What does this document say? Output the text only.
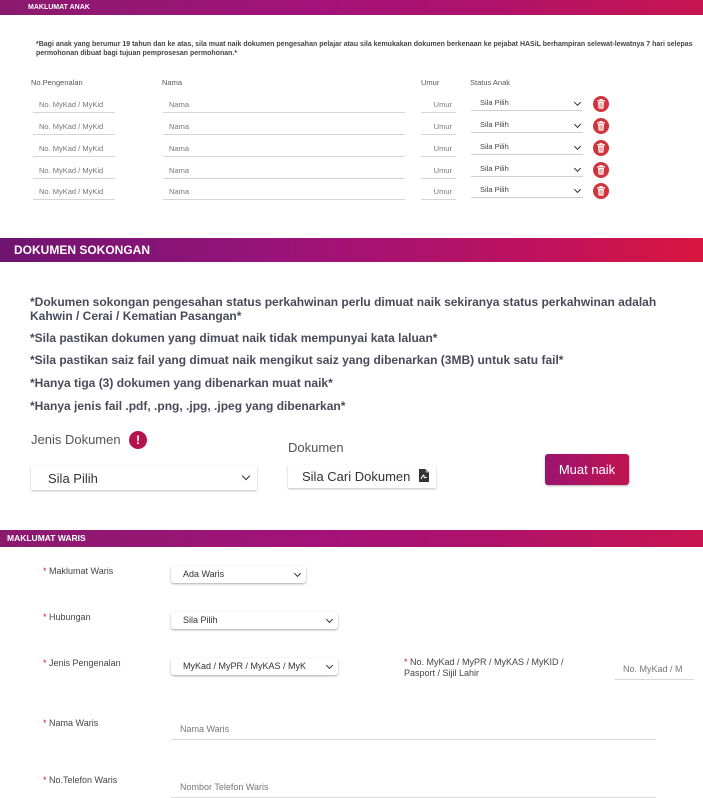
MAKLUMAT ANAK
*Bagi anak yang berumur 19 tahun dan ke atas, sila muat naik dokumen pengesahan pelajar atau sila kemukakan dokumen berkenaan ke pejabat HASiL berhampiran selewat-lewatnya 7 hari selepas permohonan dibuat bagi tujuan pemprosesan permohonan.*
No.Pengenalan	Nama	Umur	Status Anak
No. MyKad / MyKid	Nama	Umur	Sila Pilih
No. MyKad / MyKid	Nama	Umur	Sila Pilih
No. MyKad / MyKid	Nama	Umur	Sila Pilih
No. MyKad / MyKid	Nama	Umur	Sila Pilih
No. MyKad / MyKid	Nama	Umur	Sila Pilih
DOKUMEN SOKONGAN
*Dokumen sokongan pengesahan status perkahwinan perlu dimuat naik sekiranya status perkahwinan adalah Kahwin / Cerai / Kematian Pasangan*
*Sila pastikan dokumen yang dimuat naik tidak mempunyai kata laluan*
*Sila pastikan saiz fail yang dimuat naik mengikut saiz yang dibenarkan (3MB) untuk satu fail*
*Hanya tiga (3) dokumen yang dibenarkan muat naik*
*Hanya jenis fail .pdf, .png, .jpg, .jpeg yang dibenarkan*
Jenis Dokumen	!
Sila Pilih
Dokumen
Sila Cari Dokumen	Muat naik
MAKLUMAT WARIS
* Maklumat Waris	Ada Waris
* Hubungan	Sila Pilih
* Jenis Pengenalan	MyKad / MyPR / MyKAS / MyK	* No. MyKad / MyPR / MyKAS / MyKID / Pasport / Sijil Lahir	No. MyKad / M
* Nama Waris
Nama Waris
* No.Telefon Waris
Nombor Telefon Waris
